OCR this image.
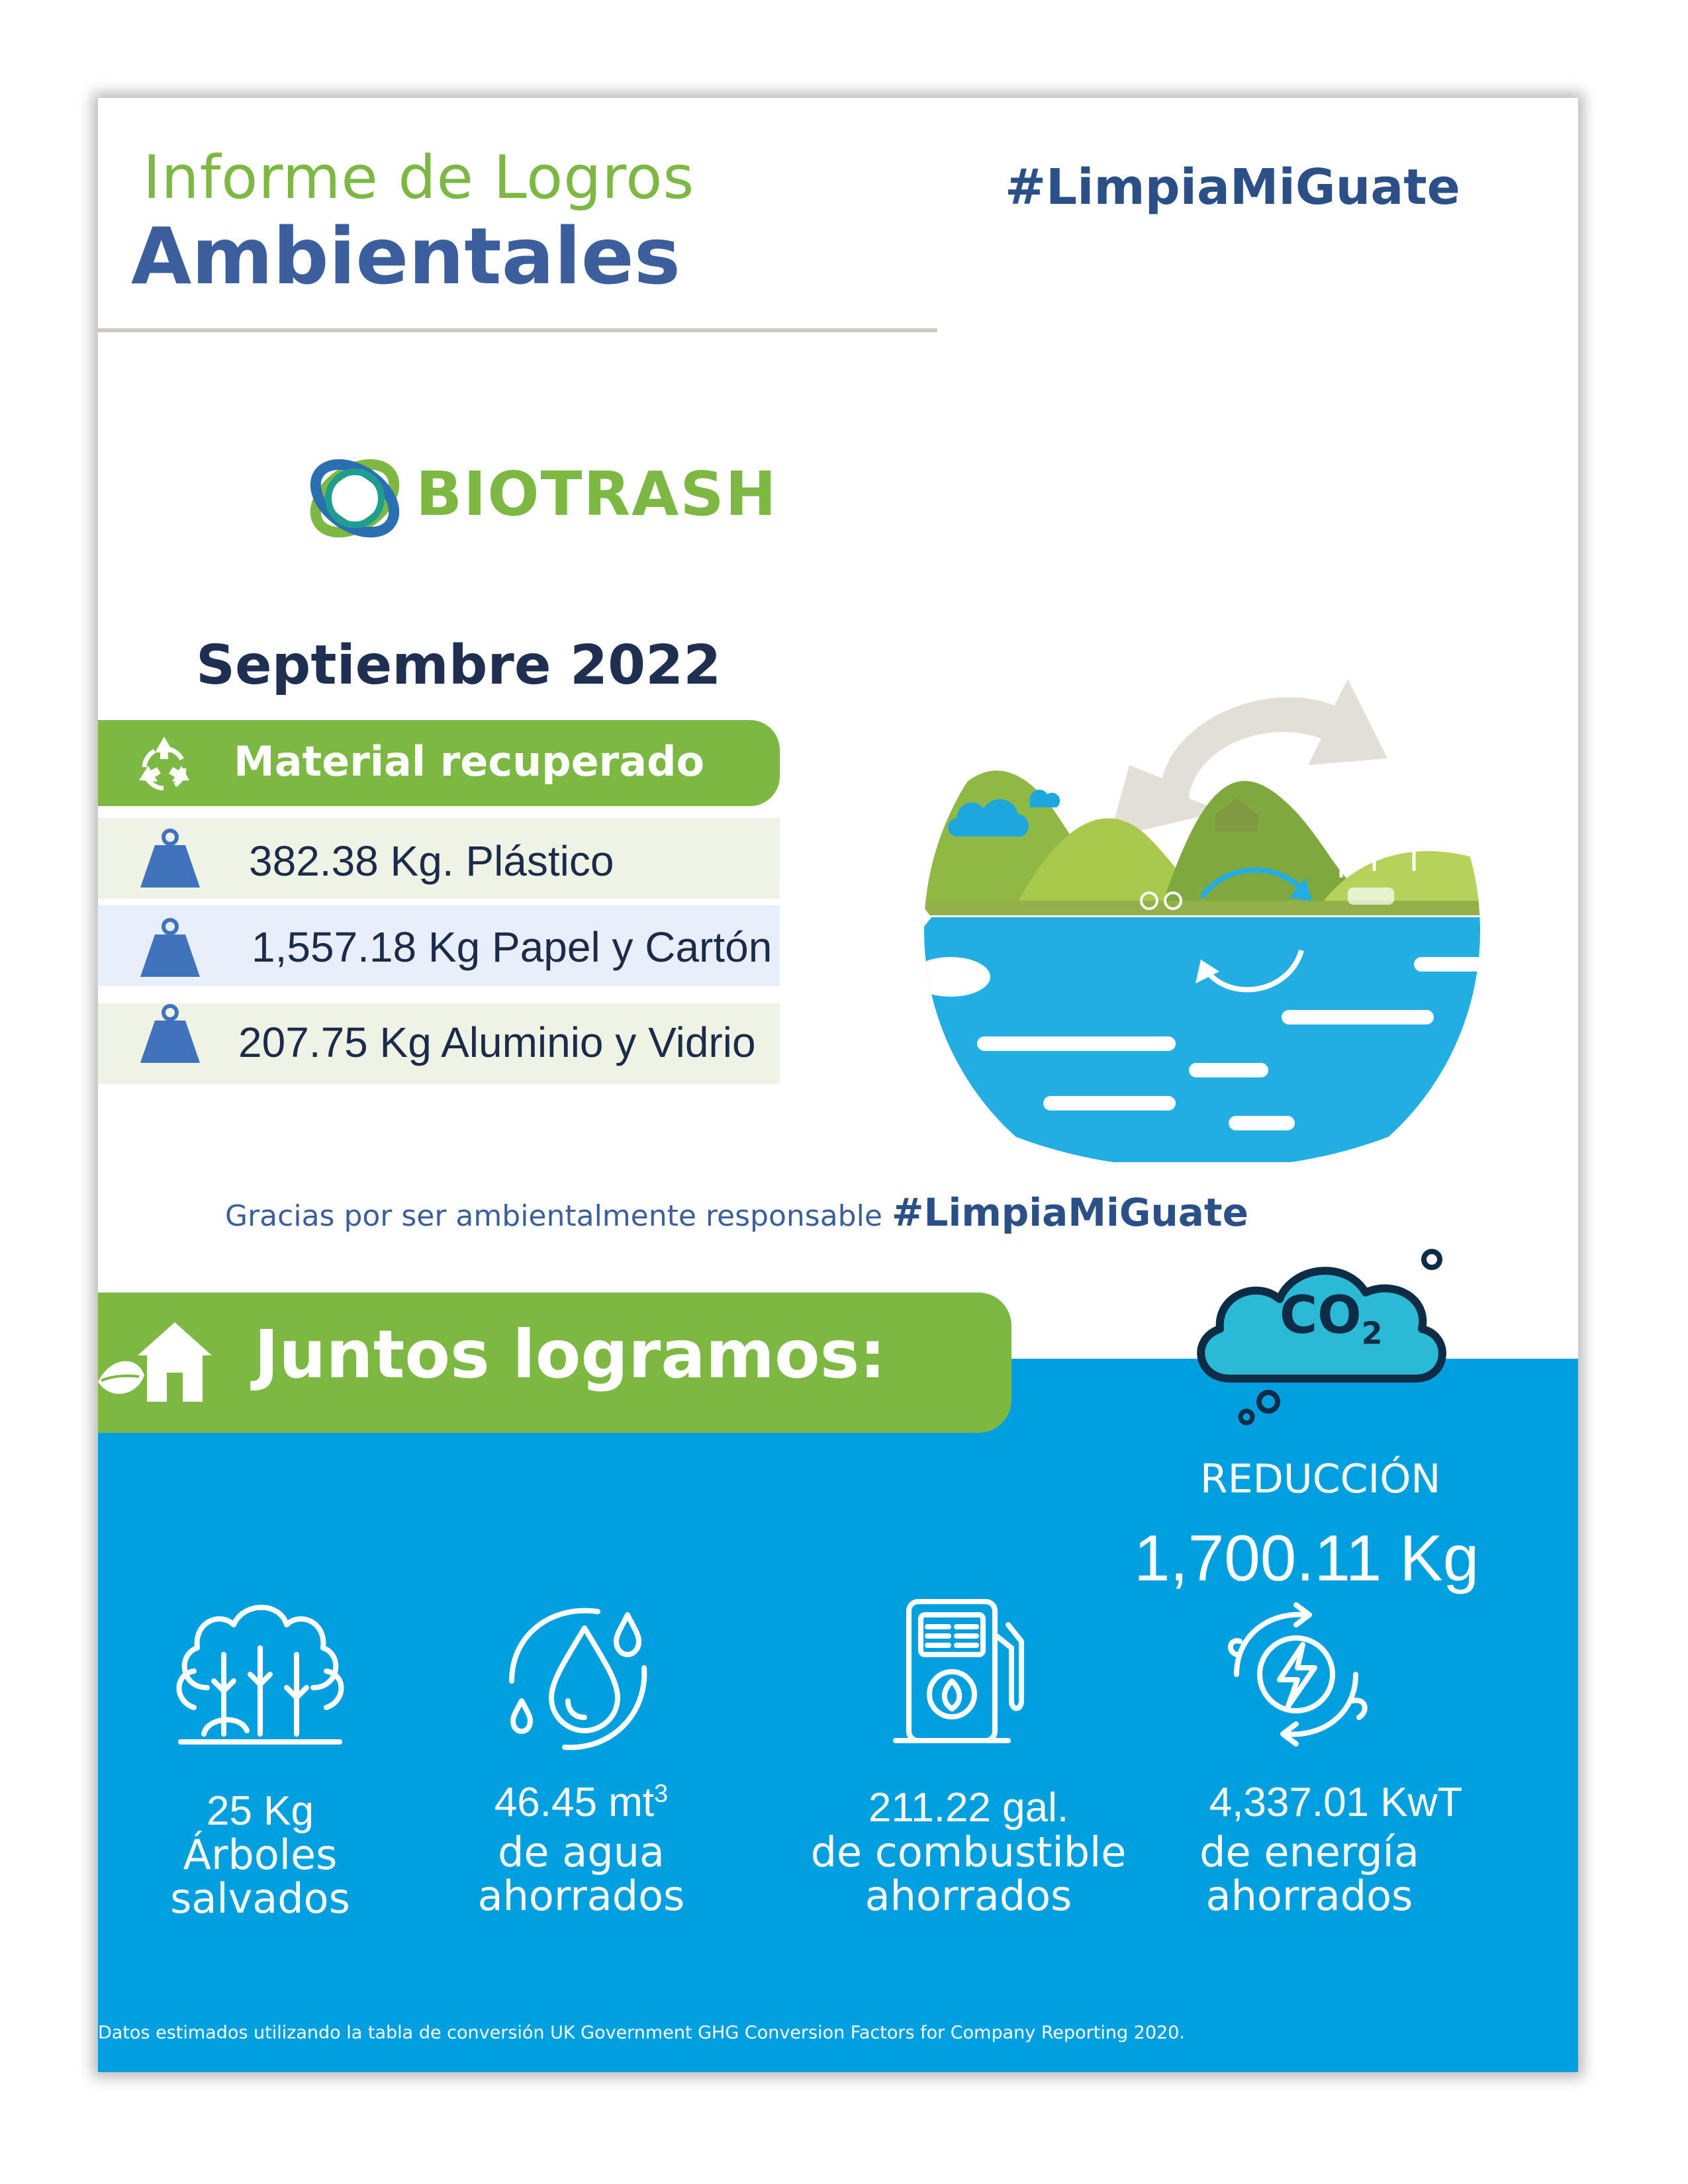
Informe de Logros
Ambientales
#LimpiaMiGuate
BIOTRASH
Septiembre 2022
Material recuperado
382.38 Kg. Plástico
1,557.18 Kg Papel y Cartón
207.75 Kg Aluminio y Vidrio
Gracias por ser ambientalmente responsable #LimpiaMiGuate
Juntos logramos:	$CO_2$
REDUCCIÓN
1,700.11 Kg
25 Kg
Árboles
salvados
46.45 $mt^3$
de agua
ahorrados
211.22 gal.
de combustible
ahorrados
4,337.01 KwT
de energía
ahorrados
Datos estimados utilizando la tabla de conversión UK Government GHG Conversion Factors for Company Reporting 2020.
